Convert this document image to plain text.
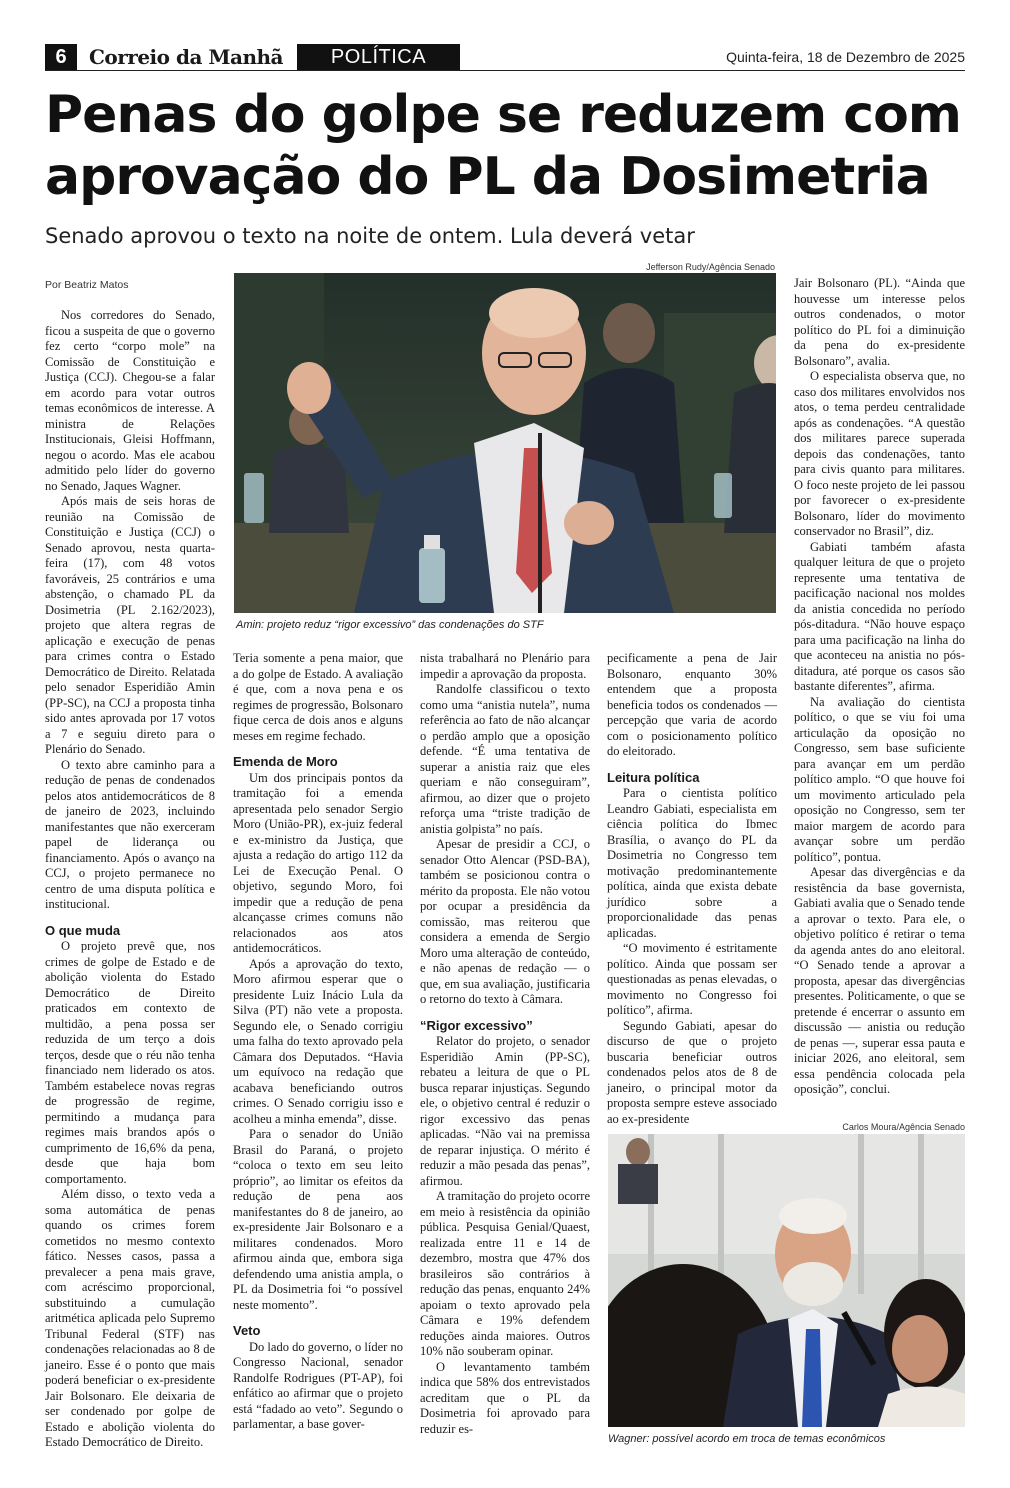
6	Correio da Manhã	POLÍTICA	Quinta-feira, 18 de Dezembro de 2025
Penas do golpe se reduzem com aprovação do PL da Dosimetria
Senado aprovou o texto na noite de ontem. Lula deverá vetar
Por Beatriz Matos
Jefferson Rudy/Agência Senado
Amin: projeto reduz “rigor excessivo” das condenações do STF

Nos corredores do Senado, ficou a suspeita de que o governo fez certo “corpo mole” na Comissão de Constituição e Justiça (CCJ). Chegou-se a falar em acordo para votar outros temas econômicos de interesse. A ministra de Relações Institucionais, Gleisi Hoffmann, negou o acordo. Mas ele acabou admitido pelo líder do governo no Senado, Jaques Wagner.

Após mais de seis horas de reunião na Comissão de Constituição e Justiça (CCJ) o Senado aprovou, nesta quarta-feira (17), com 48 votos favoráveis, 25 contrários e uma abstenção, o chamado PL da Dosimetria (PL 2.162/2023), projeto que altera regras de aplicação e execução de penas para crimes contra o Estado Democrático de Direito. Relatada pelo senador Esperidião Amin (PP-SC), na CCJ a proposta tinha sido antes aprovada por 17 votos a 7 e seguiu direto para o Plenário do Senado.

O texto abre caminho para a redução de penas de condenados pelos atos antidemocráticos de 8 de janeiro de 2023, incluindo manifestantes que não exerceram papel de liderança ou financiamento. Após o avanço na CCJ, o projeto permanece no centro de uma disputa política e institucional.

O que muda

O projeto prevê que, nos crimes de golpe de Estado e de abolição violenta do Estado Democrático de Direito praticados em contexto de multidão, a pena possa ser reduzida de um terço a dois terços, desde que o réu não tenha financiado nem liderado os atos. Também estabelece novas regras de progressão de regime, permitindo a mudança para regimes mais brandos após o cumprimento de 16,6% da pena, desde que haja bom comportamento.

Além disso, o texto veda a soma automática de penas quando os crimes forem cometidos no mesmo contexto fático. Nesses casos, passa a prevalecer a pena mais grave, com acréscimo proporcional, substituindo a cumulação aritmética aplicada pelo Supremo Tribunal Federal (STF) nas condenações relacionadas ao 8 de janeiro. Esse é o ponto que mais poderá beneficiar o ex-presidente Jair Bolsonaro. Ele deixaria de ser condenado por golpe de Estado e abolição violenta do Estado Democrático de Direito.

Teria somente a pena maior, que a do golpe de Estado. A avaliação é que, com a nova pena e os regimes de progressão, Bolsonaro fique cerca de dois anos e alguns meses em regime fechado.

Emenda de Moro

Um dos principais pontos da tramitação foi a emenda apresentada pelo senador Sergio Moro (União-PR), ex-juiz federal e ex-ministro da Justiça, que ajusta a redação do artigo 112 da Lei de Execução Penal. O objetivo, segundo Moro, foi impedir que a redução de pena alcançasse crimes comuns não relacionados aos atos antidemocráticos.

Após a aprovação do texto, Moro afirmou esperar que o presidente Luiz Inácio Lula da Silva (PT) não vete a proposta. Segundo ele, o Senado corrigiu uma falha do texto aprovado pela Câmara dos Deputados. “Havia um equívoco na redação que acabava beneficiando outros crimes. O Senado corrigiu isso e acolheu a minha emenda”, disse.

Para o senador do União Brasil do Paraná, o projeto “coloca o texto em seu leito próprio”, ao limitar os efeitos da redução de pena aos manifestantes do 8 de janeiro, ao ex-presidente Jair Bolsonaro e a militares condenados. Moro afirmou ainda que, embora siga defendendo uma anistia ampla, o PL da Dosimetria foi “o possível neste momento”.

Veto

Do lado do governo, o líder no Congresso Nacional, senador Randolfe Rodrigues (PT-AP), foi enfático ao afirmar que o projeto está “fadado ao veto”. Segundo o parlamentar, a base gover-

nista trabalhará no Plenário para impedir a aprovação da proposta.

Randolfe classificou o texto como uma “anistia nutela”, numa referência ao fato de não alcançar o perdão amplo que a oposição defende. “É uma tentativa de superar a anistia raiz que eles queriam e não conseguiram”, afirmou, ao dizer que o projeto reforça uma “triste tradição de anistia golpista” no país.

Apesar de presidir a CCJ, o senador Otto Alencar (PSD-BA), também se posicionou contra o mérito da proposta. Ele não votou por ocupar a presidência da comissão, mas reiterou que considera a emenda de Sergio Moro uma alteração de conteúdo, e não apenas de redação — o que, em sua avaliação, justificaria o retorno do texto à Câmara.

“Rigor excessivo”

Relator do projeto, o senador Esperidião Amin (PP-SC), rebateu a leitura de que o PL busca reparar injustiças. Segundo ele, o objetivo central é reduzir o rigor excessivo das penas aplicadas. “Não vai na premissa de reparar injustiça. O mérito é reduzir a mão pesada das penas”, afirmou.

A tramitação do projeto ocorre em meio à resistência da opinião pública. Pesquisa Genial/Quaest, realizada entre 11 e 14 de dezembro, mostra que 47% dos brasileiros são contrários à redução das penas, enquanto 24% apoiam o texto aprovado pela Câmara e 19% defendem reduções ainda maiores. Outros 10% não souberam opinar.

O levantamento também indica que 58% dos entrevistados acreditam que o PL da Dosimetria foi aprovado para reduzir es-

pecificamente a pena de Jair Bolsonaro, enquanto 30% entendem que a proposta beneficia todos os condenados — percepção que varia de acordo com o posicionamento político do eleitorado.

Leitura política

Para o cientista político Leandro Gabiati, especialista em ciência política do Ibmec Brasília, o avanço do PL da Dosimetria no Congresso tem motivação predominantemente política, ainda que exista debate jurídico sobre a proporcionalidade das penas aplicadas.

“O movimento é estritamente político. Ainda que possam ser questionadas as penas elevadas, o movimento no Congresso foi político”, afirma.

Segundo Gabiati, apesar do discurso de que o projeto buscaria beneficiar outros condenados pelos atos de 8 de janeiro, o principal motor da proposta sempre esteve associado ao ex-presidente

Jair Bolsonaro (PL). “Ainda que houvesse um interesse pelos outros condenados, o motor político do PL foi a diminuição da pena do ex-presidente Bolsonaro”, avalia.

O especialista observa que, no caso dos militares envolvidos nos atos, o tema perdeu centralidade após as condenações. “A questão dos militares parece superada depois das condenações, tanto para civis quanto para militares. O foco neste projeto de lei passou por favorecer o ex-presidente Bolsonaro, líder do movimento conservador no Brasil”, diz.

Gabiati também afasta qualquer leitura de que o projeto represente uma tentativa de pacificação nacional nos moldes da anistia concedida no período pós-ditadura. “Não houve espaço para uma pacificação na linha do que aconteceu na anistia no pós-ditadura, até porque os casos são bastante diferentes”, afirma.

Na avaliação do cientista político, o que se viu foi uma articulação da oposição no Congresso, sem base suficiente para avançar em um perdão político amplo. “O que houve foi um movimento articulado pela oposição no Congresso, sem ter maior margem de acordo para avançar sobre um perdão político”, pontua.

Apesar das divergências e da resistência da base governista, Gabiati avalia que o Senado tende a aprovar o texto. Para ele, o objetivo político é retirar o tema da agenda antes do ano eleitoral. “O Senado tende a aprovar a proposta, apesar das divergências presentes. Politicamente, o que se pretende é encerrar o assunto em discussão — anistia ou redução de penas —, superar essa pauta e iniciar 2026, ano eleitoral, sem essa pendência colocada pela oposição”, conclui.

Carlos Moura/Agência Senado
Wagner: possível acordo em troca de temas econômicos
